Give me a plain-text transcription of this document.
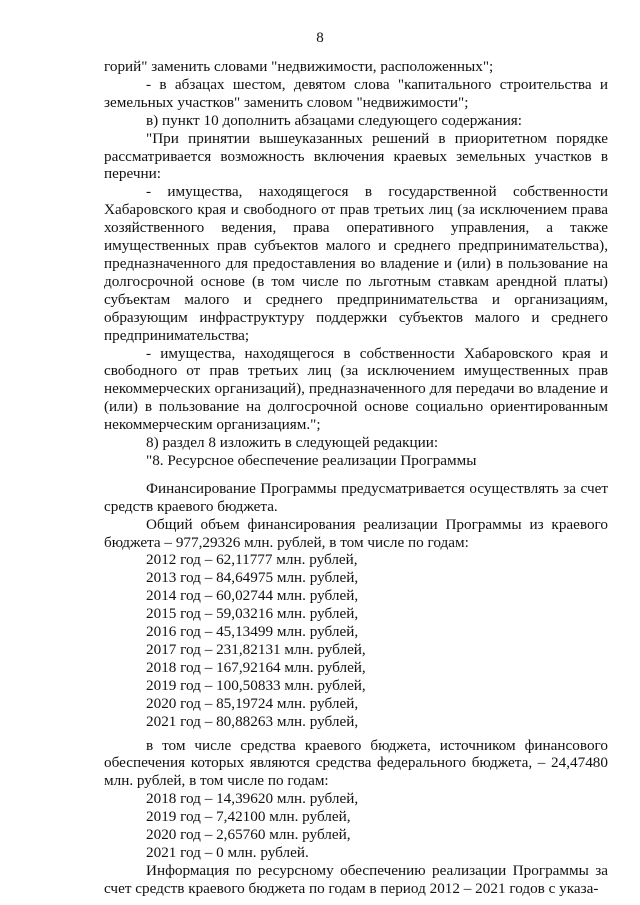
8

горий" заменить словами "недвижимости, расположенных";

- в абзацах шестом, девятом слова "капитального строительства и земельных участков" заменить словом "недвижимости";

в) пункт 10 дополнить абзацами следующего содержания:

"При принятии вышеуказанных решений в приоритетном порядке рассматривается возможность включения краевых земельных участков в перечни:

- имущества, находящегося в государственной собственности Хабаровского края и свободного от прав третьих лиц (за исключением права хозяйственного ведения, права оперативного управления, а также имущественных прав субъектов малого и среднего предпринимательства), предназначенного для предоставления во владение и (или) в пользование на долгосрочной основе (в том числе по льготным ставкам арендной платы) субъектам малого и среднего предпринимательства и организациям, образующим инфраструктуру поддержки субъектов малого и среднего предпринимательства;

- имущества, находящегося в собственности Хабаровского края и свободного от прав третьих лиц (за исключением имущественных прав некоммерческих организаций), предназначенного для передачи во владение и (или) в пользование на долгосрочной основе социально ориентированным некоммерческим организациям.";

8) раздел 8 изложить в следующей редакции:

"8. Ресурсное обеспечение реализации Программы

Финансирование Программы предусматривается осуществлять за счет средств краевого бюджета.

Общий объем финансирования реализации Программы из краевого бюджета – 977,29326 млн. рублей, в том числе по годам:

2012 год – 62,11777 млн. рублей,
2013 год – 84,64975 млн. рублей,
2014 год – 60,02744 млн. рублей,
2015 год – 59,03216 млн. рублей,
2016 год – 45,13499 млн. рублей,
2017 год – 231,82131 млн. рублей,
2018 год – 167,92164 млн. рублей,
2019 год – 100,50833 млн. рублей,
2020 год – 85,19724 млн. рублей,
2021 год – 80,88263 млн. рублей,

в том числе средства краевого бюджета, источником финансового обеспечения которых являются средства федерального бюджета, – 24,47480 млн. рублей, в том числе по годам:

2018 год – 14,39620 млн. рублей,
2019 год – 7,42100 млн. рублей,
2020 год – 2,65760 млн. рублей,
2021 год – 0 млн. рублей.

Информация по ресурсному обеспечению реализации Программы за счет средств краевого бюджета по годам в период 2012 – 2021 годов с указа-
